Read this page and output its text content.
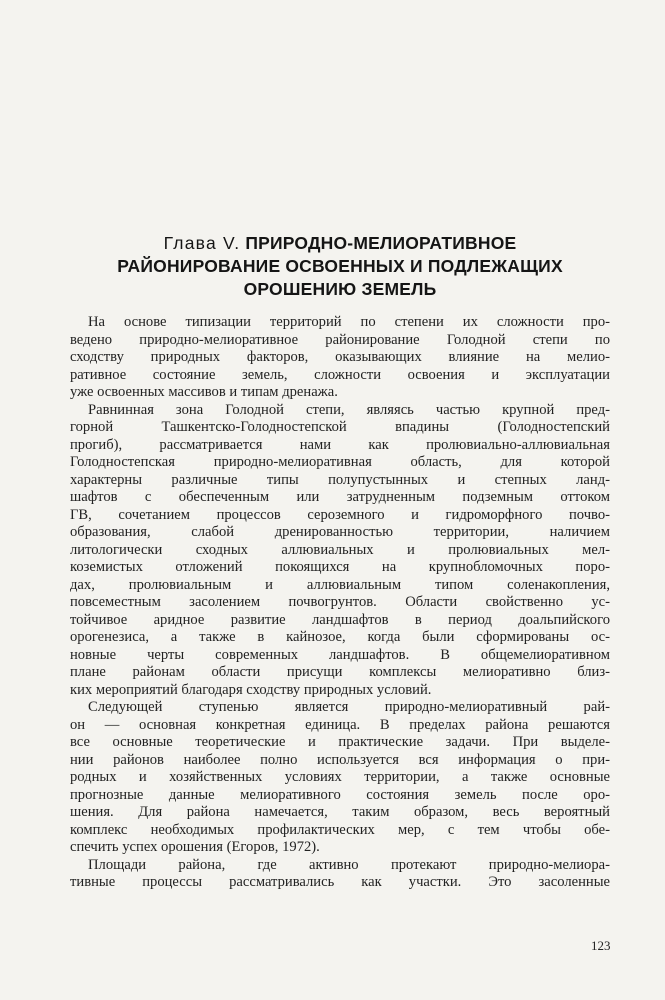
Глава V. ПРИРОДНО-МЕЛИОРАТИВНОЕ
РАЙОНИРОВАНИЕ ОСВОЕННЫХ И ПОДЛЕЖАЩИХ
ОРОШЕНИЮ ЗЕМЕЛЬ
На основе типизации территорий по степени их сложности про-
ведено природно-мелиоративное районирование Голодной степи по
сходству природных факторов, оказывающих влияние на мелио-
ративное состояние земель, сложности освоения и эксплуатации
уже освоенных массивов и типам дренажа.
Равнинная зона Голодной степи, являясь частью крупной пред-
горной Ташкентско-Голодностепской впадины (Голодностепский
прогиб), рассматривается нами как пролювиально-аллювиальная
Голодностепская природно-мелиоративная область, для которой
характерны различные типы полупустынных и степных ланд-
шафтов с обеспеченным или затрудненным подземным оттоком
ГВ, сочетанием процессов сероземного и гидроморфного почво-
образования, слабой дренированностью территории, наличием
литологически сходных аллювиальных и пролювиальных мел-
коземистых отложений покоящихся на крупнобломочных поро-
дах, пролювиальным и аллювиальным типом соленакопления,
повсеместным засолением почвогрунтов. Области свойственно ус-
тойчивое аридное развитие ландшафтов в период доальпийского
орогенезиса, а также в кайнозое, когда были сформированы ос-
новные черты современных ландшафтов. В общемелиоративном
плане районам области присущи комплексы мелиоративно близ-
ких мероприятий благодаря сходству природных условий.
Следующей ступенью является природно-мелиоративный рай-
он — основная конкретная единица. В пределах района решаются
все основные теоретические и практические задачи. При выделе-
нии районов наиболее полно используется вся информация о при-
родных и хозяйственных условиях территории, а также основные
прогнозные данные мелиоративного состояния земель после оро-
шения. Для района намечается, таким образом, весь вероятный
комплекс необходимых профилактических мер, с тем чтобы обе-
спечить успех орошения (Егоров, 1972).
Площади района, где активно протекают природно-мелиора-
тивные процессы рассматривались как участки. Это засоленные
123
